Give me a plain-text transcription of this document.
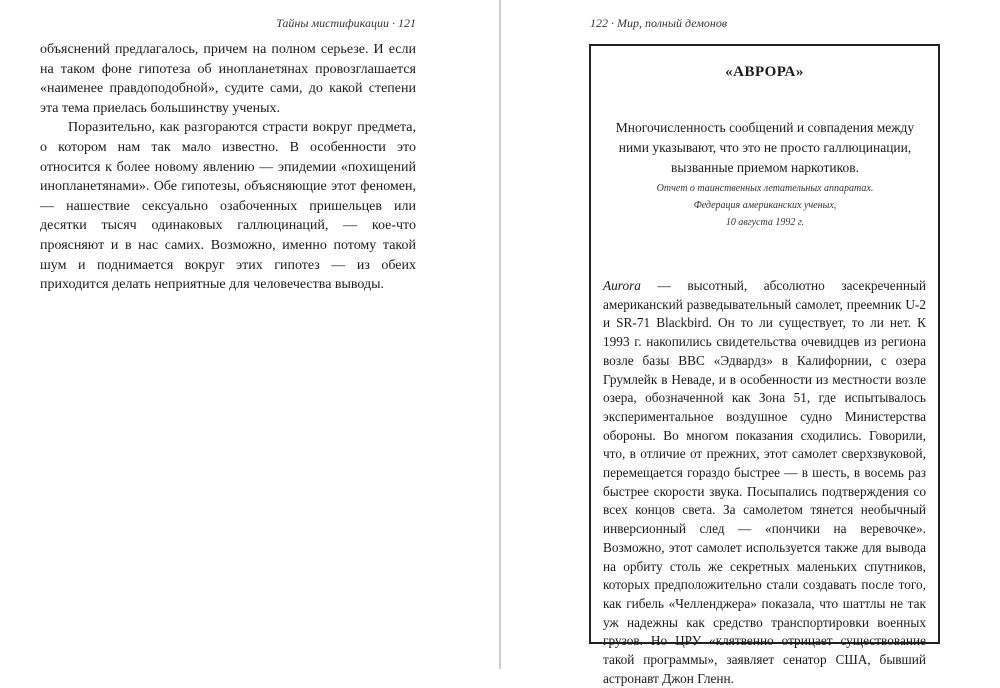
Тайны мистификации · 121

объяснений предлагалось, причем на полном серьезе. И если на таком фоне гипотеза об инопланетянах провозглашается «наименее правдоподобной», судите сами, до какой степени эта тема приелась большинству ученых.

Поразительно, как разгораются страсти вокруг предмета, о котором нам так мало известно. В особенности это относится к более новому явлению — эпидемии «похищений инопланетянами». Обе гипотезы, объясняющие этот феномен, — нашествие сексуально озабоченных пришельцев или десятки тысяч одинаковых галлюцинаций, — кое-что проясняют и в нас самих. Возможно, именно потому такой шум и поднимается вокруг этих гипотез — из обеих приходится делать неприятные для человечества выводы.

122 · Мир, полный демонов
«АВРОРА»
Многочисленность сообщений и совпадения между ними указывают, что это не просто галлюцинации, вызванные приемом наркотиков.
Отчет о таинственных летательных аппаратах.
Федерация американских ученых,
10 августа 1992 г.
Aurora — высотный, абсолютно засекреченный американский разведывательный самолет, преемник U-2 и SR-71 Blackbird. Он то ли существует, то ли нет. К 1993 г. накопились свидетельства очевидцев из региона возле базы ВВС «Эдвардз» в Калифорнии, с озера Грумлейк в Неваде, и в особенности из местности возле озера, обозначенной как Зона 51, где испытывалось экспериментальное воздушное судно Министерства обороны. Во многом показания сходились. Говорили, что, в отличие от прежних, этот самолет сверхзвуковой, перемещается гораздо быстрее — в шесть, в восемь раз быстрее скорости звука. Посыпались подтверждения со всех концов света. За самолетом тянется необычный инверсионный след — «пончики на веревочке». Возможно, этот самолет используется также для вывода на орбиту столь же секретных маленьких спутников, которых предположительно стали создавать после того, как гибель «Челленджера» показала, что шаттлы не так уж надежны как средство транспортировки военных грузов. Но ЦРУ «клятвенно отрицает существование такой программы», заявляет сенатор США, бывший астронавт Джон Гленн.
